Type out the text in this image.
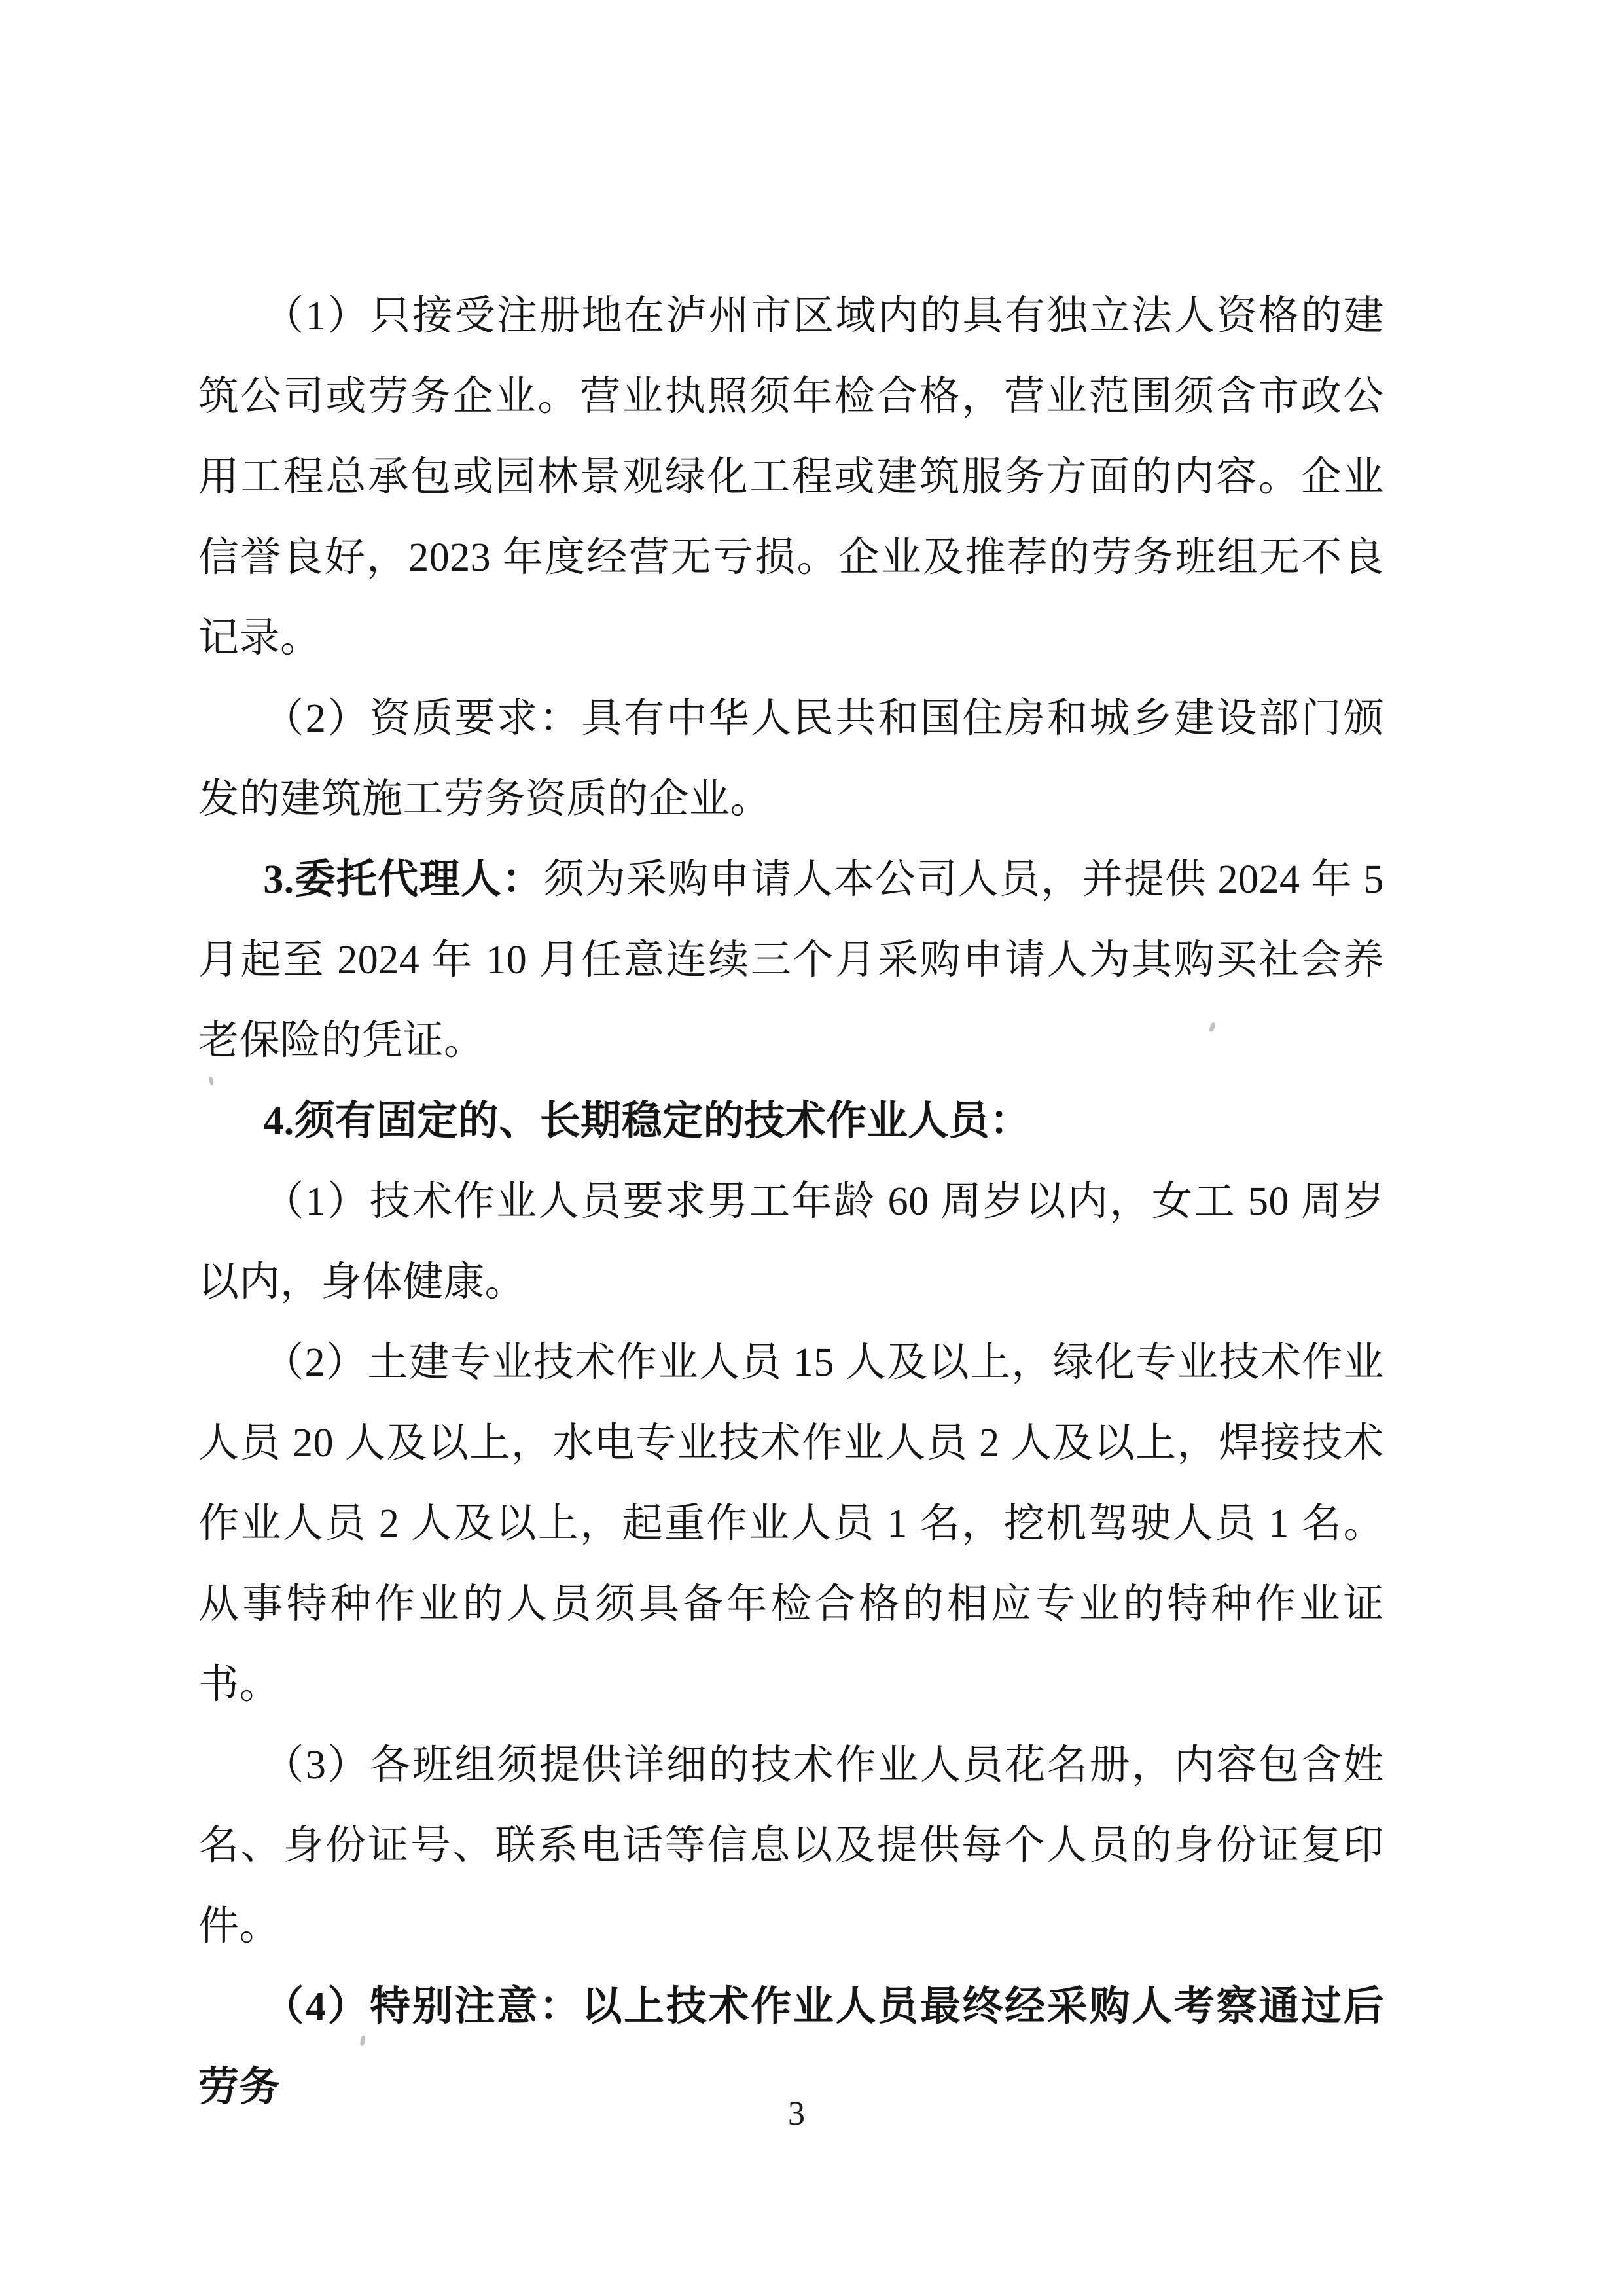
（1）只接受注册地在泸州市区域内的具有独立法人资格的建筑公司或劳务企业。营业执照须年检合格，营业范围须含市政公用工程总承包或园林景观绿化工程或建筑服务方面的内容。企业信誉良好，2023 年度经营无亏损。企业及推荐的劳务班组无不良记录。

（2）资质要求：具有中华人民共和国住房和城乡建设部门颁发的建筑施工劳务资质的企业。

3.委托代理人：须为采购申请人本公司人员，并提供 2024 年 5 月起至 2024 年 10 月任意连续三个月采购申请人为其购买社会养老保险的凭证。

4.须有固定的、长期稳定的技术作业人员：

（1）技术作业人员要求男工年龄 60 周岁以内，女工 50 周岁以内，身体健康。

（2）土建专业技术作业人员 15 人及以上，绿化专业技术作业人员 20 人及以上，水电专业技术作业人员 2 人及以上，焊接技术作业人员 2 人及以上，起重作业人员 1 名，挖机驾驶人员 1 名。从事特种作业的人员须具备年检合格的相应专业的特种作业证书。

（3）各班组须提供详细的技术作业人员花名册，内容包含姓名、身份证号、联系电话等信息以及提供每个人员的身份证复印件。

（4）特别注意：以上技术作业人员最终经采购人考察通过后劳务

3
